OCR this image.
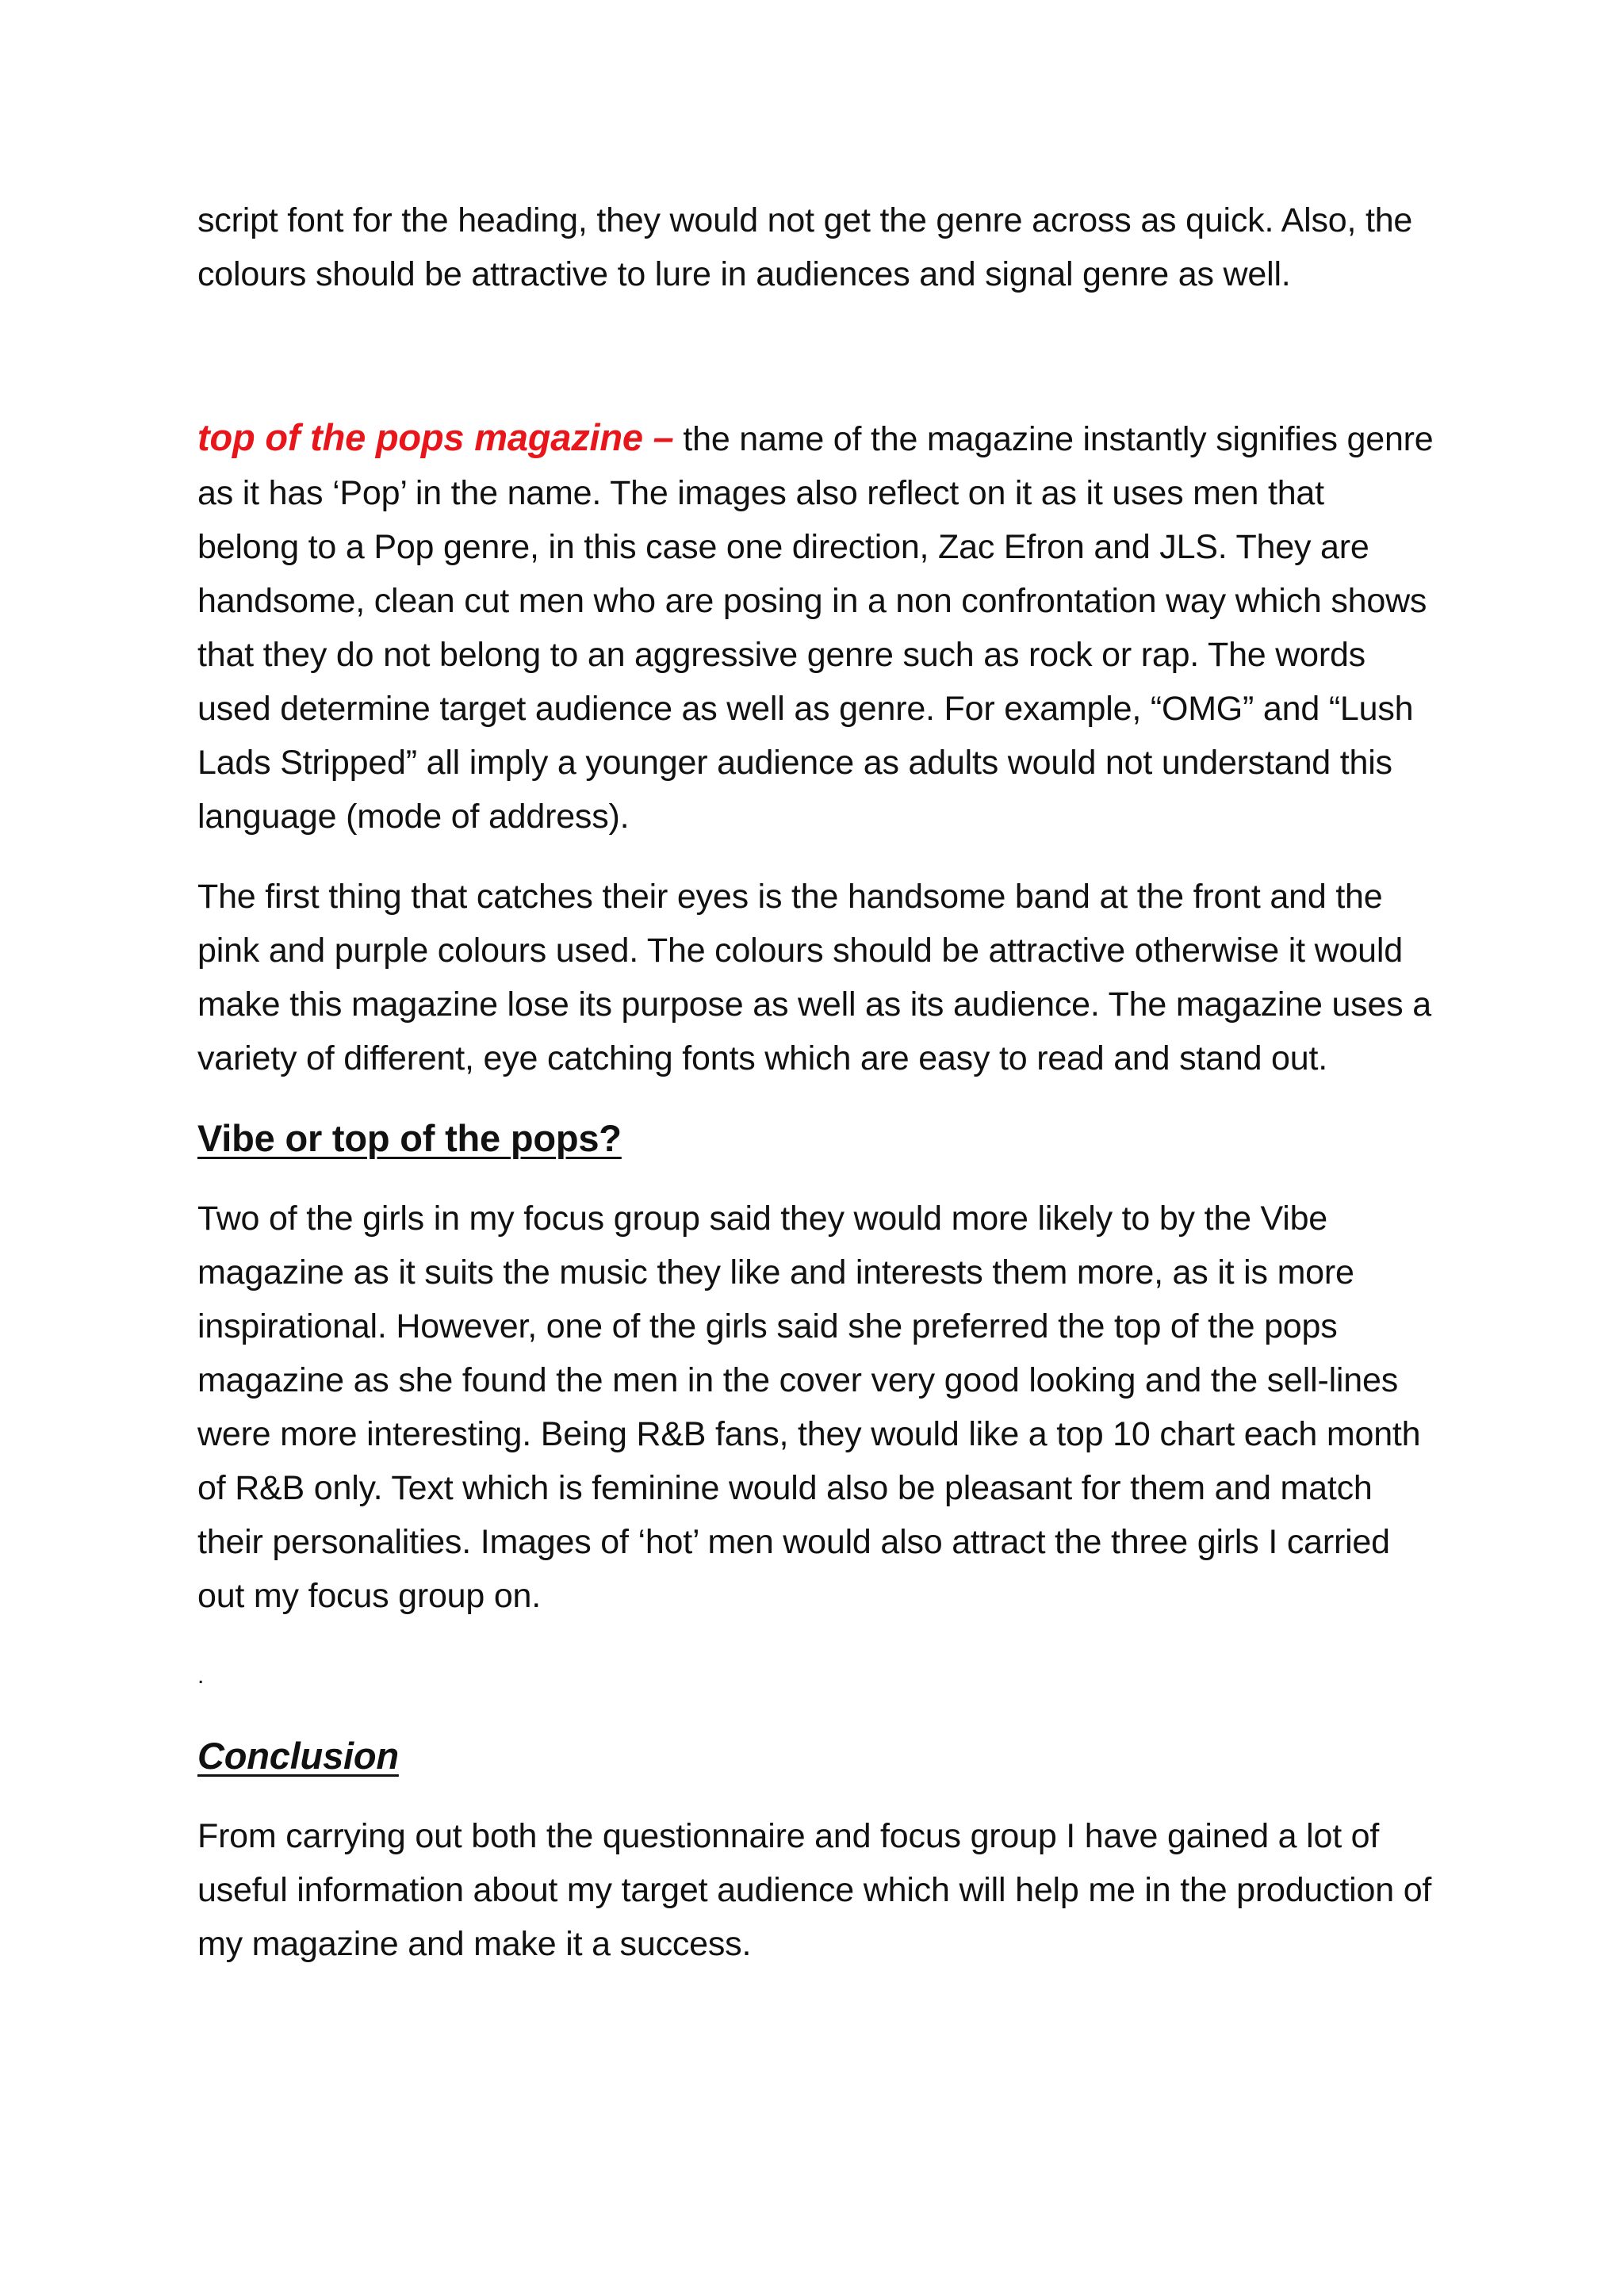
script font for the heading, they would not get the genre across as quick. Also, the colours should be attractive to lure in audiences and signal genre as well.

top of the pops magazine – the name of the magazine instantly signifies genre as it has ‘Pop’ in the name. The images also reflect on it as it uses men that belong to a Pop genre, in this case one direction, Zac Efron and JLS. They are handsome, clean cut men who are posing in a non confrontation way which shows that they do not belong to an aggressive genre such as rock or rap. The words used determine target audience as well as genre. For example, “OMG” and “Lush Lads Stripped” all imply a younger audience as adults would not understand this language (mode of address).

The first thing that catches their eyes is the handsome band at the front and the pink and purple colours used. The colours should be attractive otherwise it would make this magazine lose its purpose as well as its audience. The magazine uses a variety of different, eye catching fonts which are easy to read and stand out.

Vibe or top of the pops?

Two of the girls in my focus group said they would more likely to by the Vibe magazine as it suits the music they like and interests them more, as it is more inspirational. However, one of the girls said she preferred the top of the pops magazine as she found the men in the cover very good looking and the sell-lines were more interesting. Being R&B fans, they would like a top 10 chart each month of R&B only. Text which is feminine would also be pleasant for them and match their personalities. Images of ‘hot’ men would also attract the three girls I carried out my focus group on.

.

Conclusion

From carrying out both the questionnaire and focus group I have gained a lot of useful information about my target audience which will help me in the production of my magazine and make it a success.
